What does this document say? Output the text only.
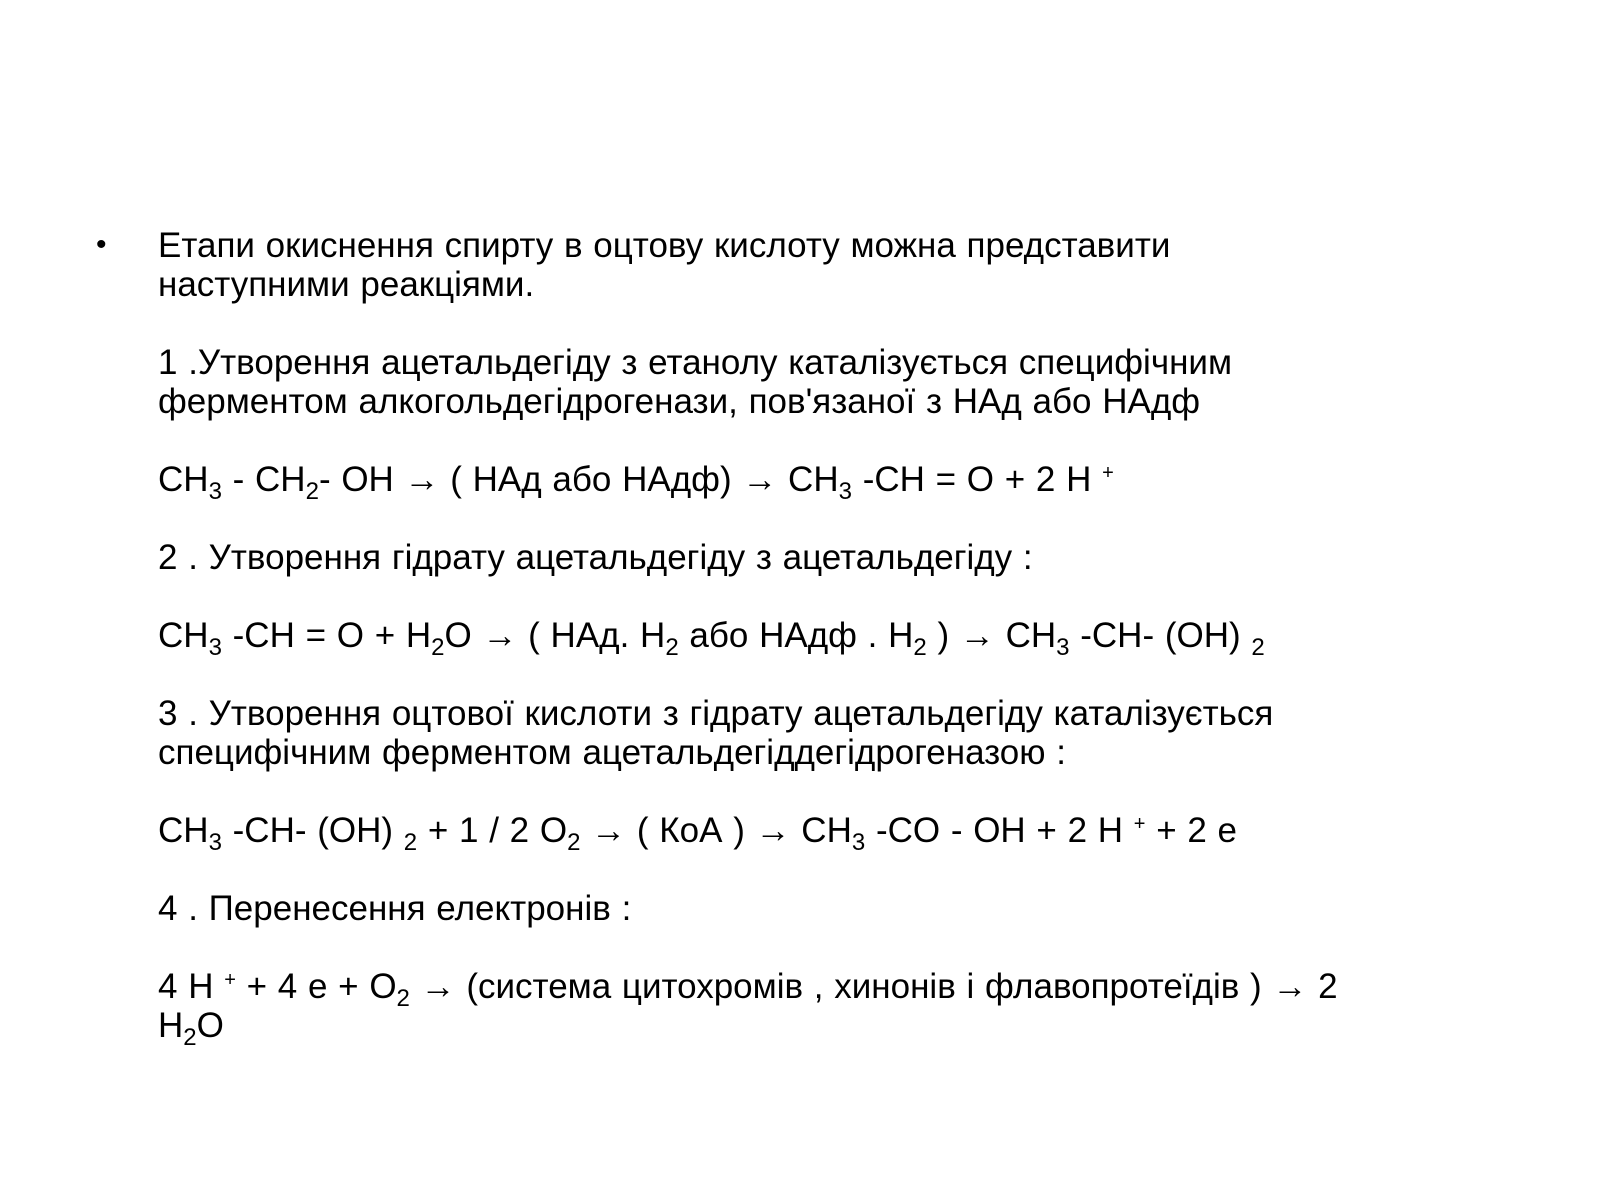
• Етапи окиснення спирту в оцтову кислоту можна представити

наступними реакціями.

1 .Утворення ацетальдегіду з етанолу каталізується специфічним

ферментом алкогольдегідрогенази, пов'язаної з НАд або НАдф

$CH_3 - CH_2-$ OH → ( НАд або НАдф) → $CH_3$ -CH = O + 2 H +

2 . Утворення гідрату ацетальдегіду з ацетальдегіду :

$CH_3$ $-CH = O + H_2O$ → ( НАд. $H_2$ або НАдф . $H_2$ ) → $CH_3$ -CH- (OH) $_2$

3 . Утворення оцтової кислоти з гідрату ацетальдегіду каталізується

специфічним ферментом ацетальдегіддегідрогеназою :

$CH_3$ -CH- (OH) $_2$ + 1 / 2 $O_2$ → ( КоА ) → $CH_3$ -CO - OH + 2 H + + 2 e

4 . Перенесення електронів :

4 H + + 4 $e + O_2$ → (система цитохромів , хинонів і флавопротеїдів ) → 2

$H_2O$
